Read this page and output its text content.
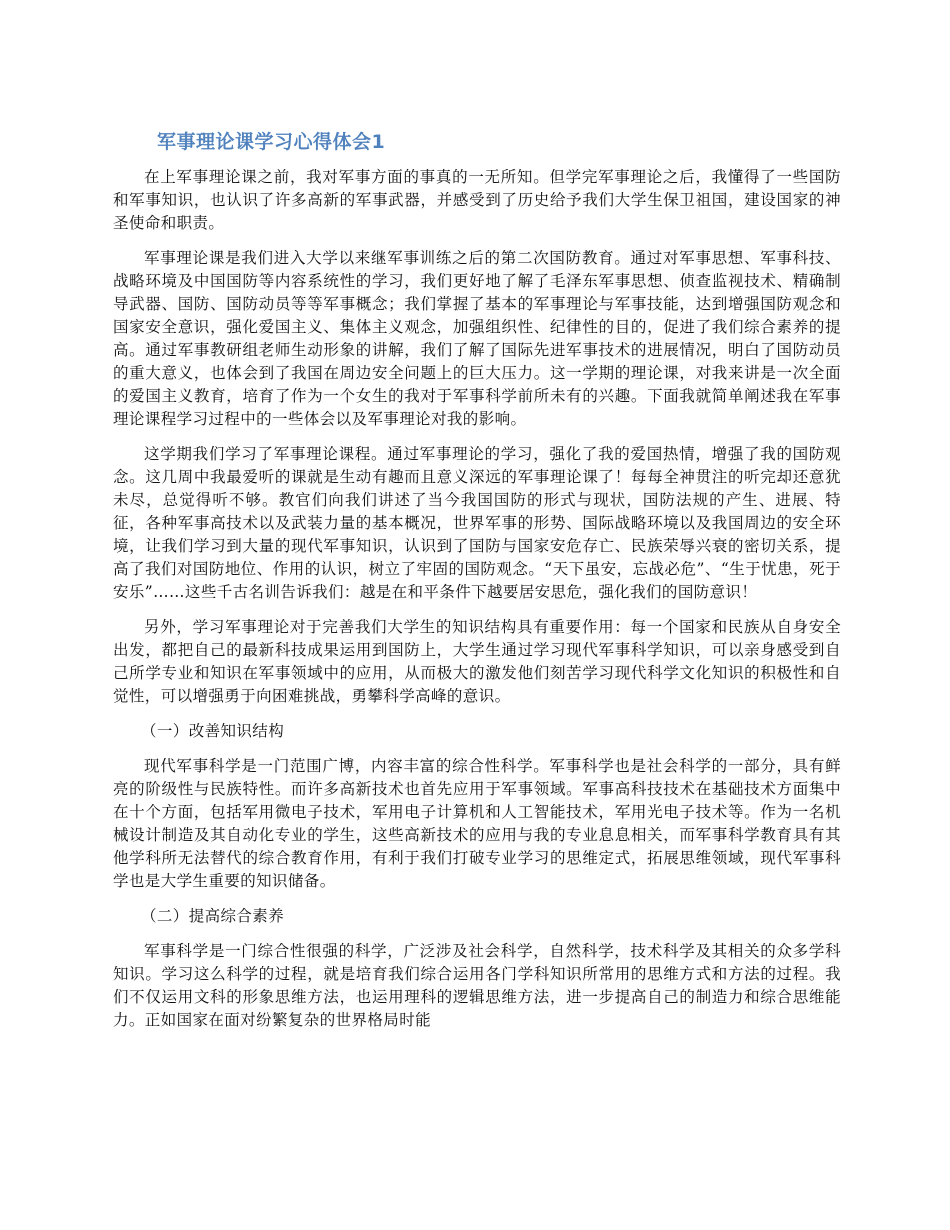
军事理论课学习心得体会1

在上军事理论课之前，我对军事方面的事真的一无所知。但学完军事理论之后，我懂得了一些国防和军事知识，也认识了许多高新的军事武器，并感受到了历史给予我们大学生保卫祖国，建设国家的神圣使命和职责。

军事理论课是我们进入大学以来继军事训练之后的第二次国防教育。通过对军事思想、军事科技、战略环境及中国国防等内容系统性的学习，我们更好地了解了毛泽东军事思想、侦查监视技术、精确制导武器、国防、国防动员等等军事概念；我们掌握了基本的军事理论与军事技能，达到增强国防观念和国家安全意识，强化爱国主义、集体主义观念，加强组织性、纪律性的目的，促进了我们综合素养的提高。通过军事教研组老师生动形象的讲解，我们了解了国际先进军事技术的进展情况，明白了国防动员的重大意义，也体会到了我国在周边安全问题上的巨大压力。这一学期的理论课，对我来讲是一次全面的爱国主义教育，培育了作为一个女生的我对于军事科学前所未有的兴趣。下面我就简单阐述我在军事理论课程学习过程中的一些体会以及军事理论对我的影响。

这学期我们学习了军事理论课程。通过军事理论的学习，强化了我的爱国热情，增强了我的国防观念。这几周中我最爱听的课就是生动有趣而且意义深远的军事理论课了！每每全神贯注的听完却还意犹未尽，总觉得听不够。教官们向我们讲述了当今我国国防的形式与现状，国防法规的产生、进展、特征，各种军事高技术以及武装力量的基本概况，世界军事的形势、国际战略环境以及我国周边的安全环境，让我们学习到大量的现代军事知识，认识到了国防与国家安危存亡、民族荣辱兴衰的密切关系，提高了我们对国防地位、作用的认识，树立了牢固的国防观念。“天下虽安，忘战必危”、“生于忧患，死于安乐”……这些千古名训告诉我们：越是在和平条件下越要居安思危，强化我们的国防意识！

另外，学习军事理论对于完善我们大学生的知识结构具有重要作用：每一个国家和民族从自身安全出发，都把自己的最新科技成果运用到国防上，大学生通过学习现代军事科学知识，可以亲身感受到自己所学专业和知识在军事领域中的应用，从而极大的激发他们刻苦学习现代科学文化知识的积极性和自觉性，可以增强勇于向困难挑战，勇攀科学高峰的意识。

（一）改善知识结构

现代军事科学是一门范围广博，内容丰富的综合性科学。军事科学也是社会科学的一部分，具有鲜亮的阶级性与民族特性。而许多高新技术也首先应用于军事领域。军事高科技技术在基础技术方面集中在十个方面，包括军用微电子技术，军用电子计算机和人工智能技术，军用光电子技术等。作为一名机械设计制造及其自动化专业的学生，这些高新技术的应用与我的专业息息相关，而军事科学教育具有其他学科所无法替代的综合教育作用，有利于我们打破专业学习的思维定式，拓展思维领域，现代军事科学也是大学生重要的知识储备。

（二）提高综合素养

军事科学是一门综合性很强的科学，广泛涉及社会科学，自然科学，技术科学及其相关的众多学科知识。学习这么科学的过程，就是培育我们综合运用各门学科知识所常用的思维方式和方法的过程。我们不仅运用文科的形象思维方法，也运用理科的逻辑思维方法，进一步提高自己的制造力和综合思维能力。正如国家在面对纷繁复杂的世界格局时能
